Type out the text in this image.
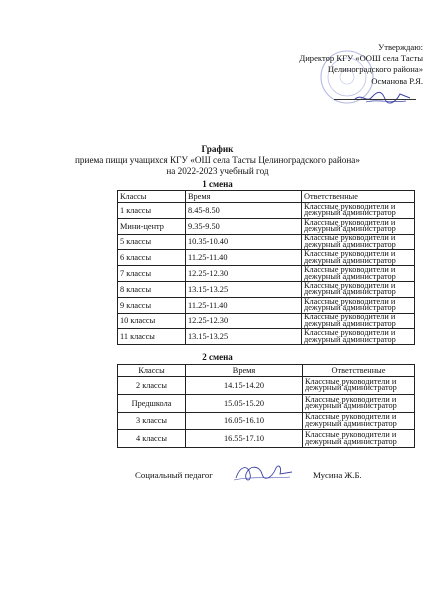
Утверждаю:
Директор КГУ «ООШ села Тасты
Целиноградского района»
Османова Р.Я.
График
приема пищи учащихся КГУ «ОШ села Тасты Целиноградского района»
на 2022-2023 учебный год
1 смена
Классы	Время	Ответственные
1 классы	8.45-8.50	Классные руководители и дежурный администратор
Мини-центр	9.35-9.50	Классные руководители и дежурный администратор
5 классы	10.35-10.40	Классные руководители и дежурный администратор
6 классы	11.25-11.40	Классные руководители и дежурный администратор
7 классы	12.25-12.30	Классные руководители и дежурный администратор
8 классы	13.15-13.25	Классные руководители и дежурный администратор
9 классы	11.25-11.40	Классные руководители и дежурный администратор
10 классы	12.25-12.30	Классные руководители и дежурный администратор
11 классы	13.15-13.25	Классные руководители и дежурный администратор
2 смена
Классы	Время	Ответственные
2 классы	14.15-14.20	Классные руководители и дежурный администратор
Предшкола	15.05-15.20	Классные руководители и дежурный администратор
3 классы	16.05-16.10	Классные руководители и дежурный администратор
4 классы	16.55-17.10	Классные руководители и дежурный администратор
Социальный педагог	Мусина Ж.Б.
